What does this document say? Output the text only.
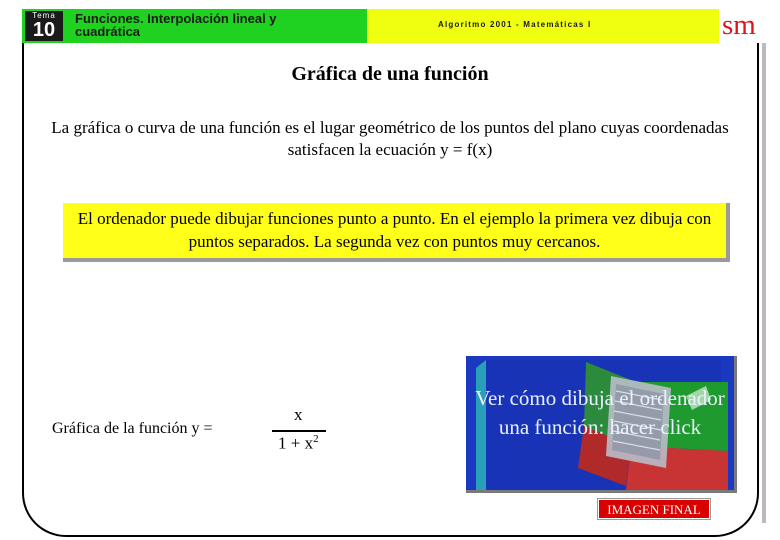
Tema
10
Funciones. Interpolación lineal y cuadrática	Algoritmo 2001 - Matemáticas I	sm
Gráfica de una función
La gráfica o curva de una función es el lugar geométrico de los puntos del plano cuyas coordenadas satisfacen la ecuación y = f(x)
El ordenador puede dibujar funciones punto a punto. En el ejemplo la primera vez dibuja con puntos separados. La segunda vez con puntos muy cercanos.
Gráfica de la función y =
x
$1 + x^2$
Ver cómo dibuja el ordenador una función: hacer click
IMAGEN FINAL
